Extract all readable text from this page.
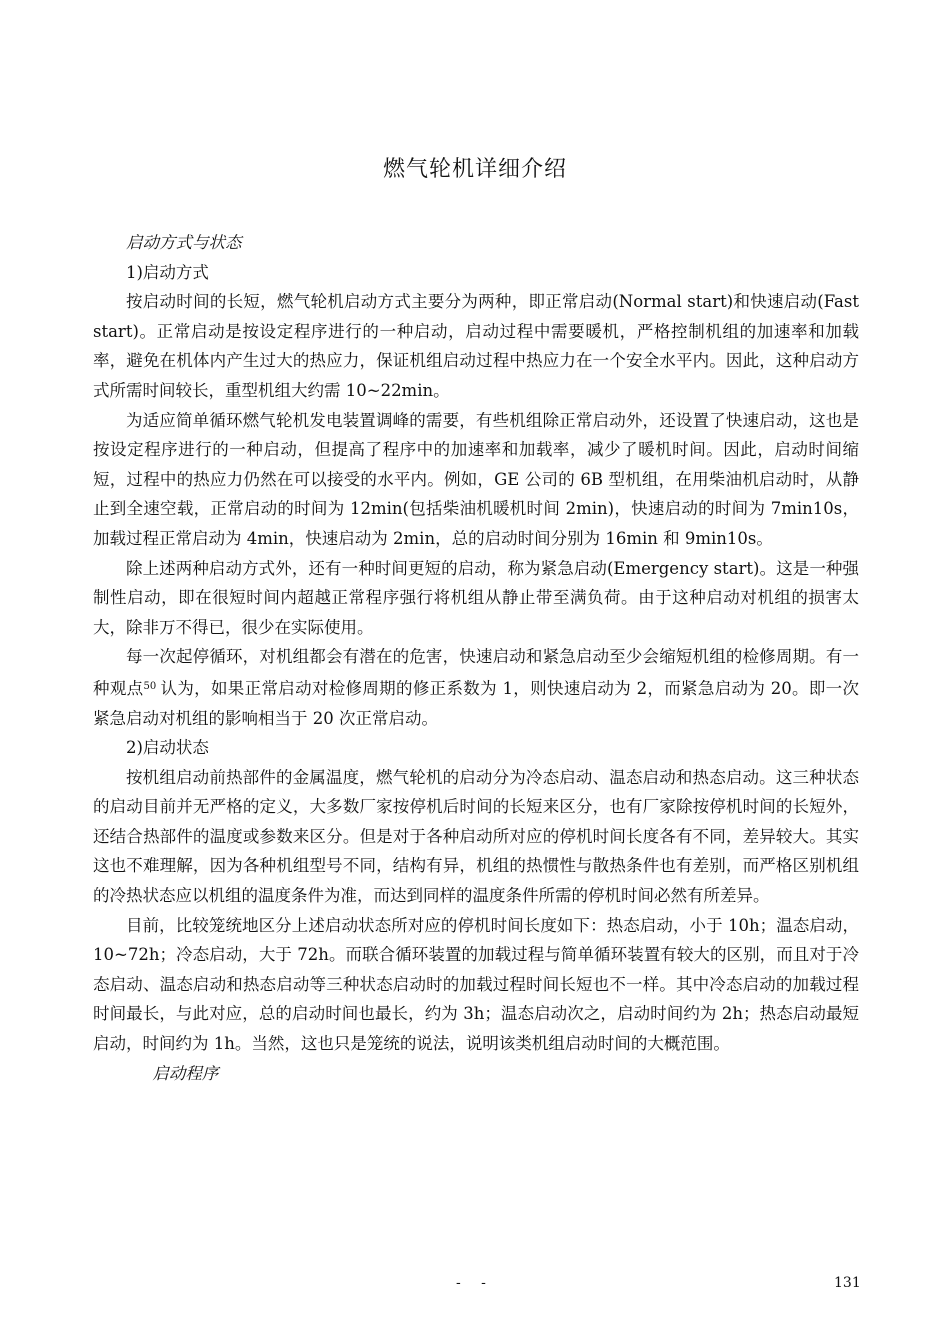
燃气轮机详细介绍

启动方式与状态

1)启动方式

按启动时间的长短，燃气轮机启动方式主要分为两种，即正常启动(Normal start)和快速启动(Fast start)。正常启动是按设定程序进行的一种启动，启动过程中需要暖机，严格控制机组的加速率和加载率，避免在机体内产生过大的热应力，保证机组启动过程中热应力在一个安全水平内。因此，这种启动方式所需时间较长，重型机组大约需 10~22min。

为适应简单循环燃气轮机发电装置调峰的需要，有些机组除正常启动外，还设置了快速启动，这也是按设定程序进行的一种启动，但提高了程序中的加速率和加载率，减少了暖机时间。因此，启动时间缩短，过程中的热应力仍然在可以接受的水平内。例如，GE 公司的 6B 型机组，在用柴油机启动时，从静止到全速空载，正常启动的时间为 12min(包括柴油机暖机时间 2min)，快速启动的时间为 7min10s，加载过程正常启动为 4min，快速启动为 2min，总的启动时间分别为 16min 和 9min10s。

除上述两种启动方式外，还有一种时间更短的启动，称为紧急启动(Emergency start)。这是一种强制性启动，即在很短时间内超越正常程序强行将机组从静止带至满负荷。由于这种启动对机组的损害太大，除非万不得已，很少在实际使用。

每一次起停循环，对机组都会有潜在的危害，快速启动和紧急启动至少会缩短机组的检修周期。有一种观点$^{50}$ 认为，如果正常启动对检修周期的修正系数为 1，则快速启动为 2，而紧急启动为 20。即一次紧急启动对机组的影响相当于 20 次正常启动。

2)启动状态

按机组启动前热部件的金属温度，燃气轮机的启动分为冷态启动、温态启动和热态启动。这三种状态的启动目前并无严格的定义，大多数厂家按停机后时间的长短来区分，也有厂家除按停机时间的长短外，还结合热部件的温度或参数来区分。但是对于各种启动所对应的停机时间长度各有不同，差异较大。其实这也不难理解，因为各种机组型号不同，结构有异，机组的热惯性与散热条件也有差别，而严格区别机组的冷热状态应以机组的温度条件为准，而达到同样的温度条件所需的停机时间必然有所差异。

目前，比较笼统地区分上述启动状态所对应的停机时间长度如下：热态启动，小于 10h；温态启动，10~72h；冷态启动，大于 72h。而联合循环装置的加载过程与简单循环装置有较大的区别，而且对于冷态启动、温态启动和热态启动等三种状态启动时的加载过程时间长短也不一样。其中冷态启动的加载过程时间最长，与此对应，总的启动时间也最长，约为 3h；温态启动次之，启动时间约为 2h；热态启动最短启动，时间约为 1h。当然，这也只是笼统的说法，说明该类机组启动时间的大概范围。

启动程序

- -	131
